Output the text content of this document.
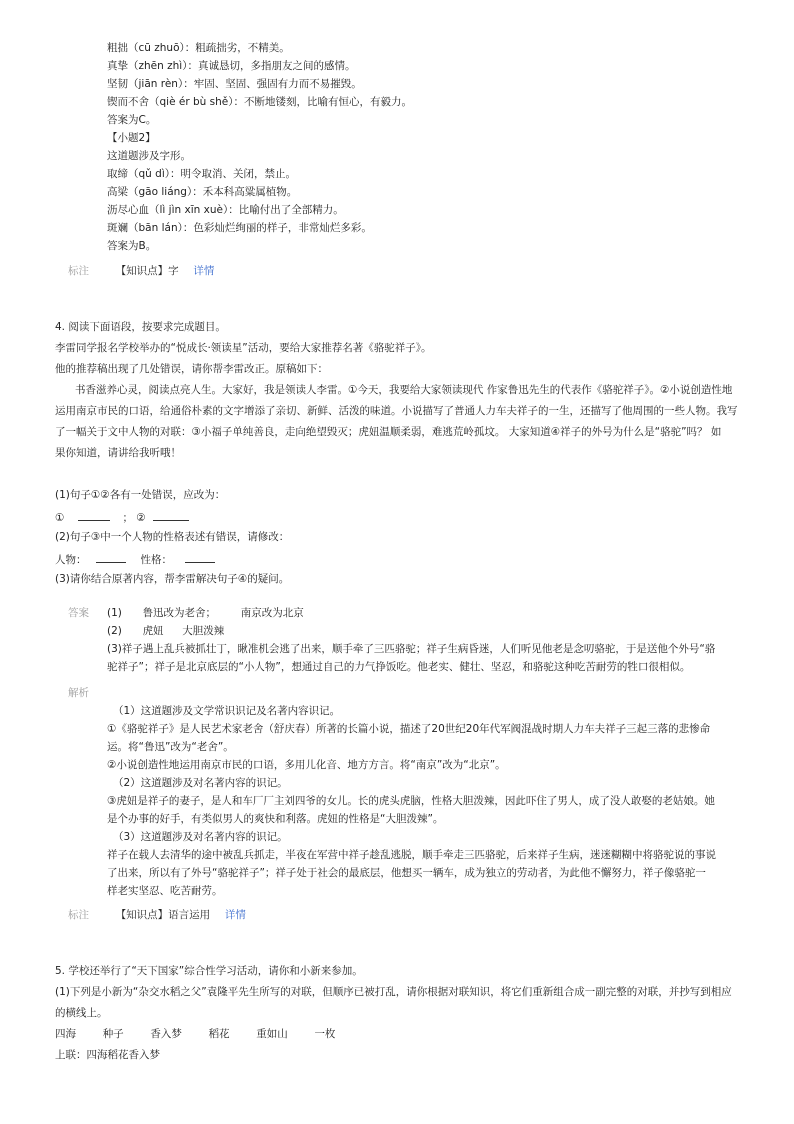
粗拙（cū zhuō）：粗疏拙劣，不精美。
真挚（zhēn zhì）：真诚恳切，多指朋友之间的感情。
坚韧（jiān rèn）：牢固、坚固、强固有力而不易摧毁。
锲而不舍（qiè ér bù shě）：不断地镂刻，比喻有恒心，有毅力。
答案为C。
【小题2】
这道题涉及字形。
取缔（qǔ dì）：明令取消、关闭，禁止。
高梁（gāo liáng）：禾本科高粱属植物。
沥尽心血（lì jìn xīn xuè）：比喻付出了全部精力。
斑斓（bān lán）：色彩灿烂绚丽的样子，非常灿烂多彩。
答案为B。
标注	【知识点】字 详情
4. 阅读下面语段，按要求完成题目。
李雷同学报名学校举办的“悦成长·领读星”活动，要给大家推荐名著《骆驼祥子》。
他的推荐稿出现了几处错误，请你帮李雷改正。原稿如下：
书香滋养心灵，阅读点亮人生。大家好，我是领读人李雷。①今天，我要给大家领读现代 作家鲁迅先生的代表作《骆驼祥子》。②小说创造性地
运用南京市民的口语，给通俗朴素的文字增添了亲切、新鲜、活泼的味道。小说描写了普通人力车夫祥子的一生，还描写了他周围的一些人物。我写
了一幅关于文中人物的对联：③小福子单纯善良，走向绝望毁灭；虎妞温顺柔弱，难逃荒岭孤坟。 大家知道④祥子的外号为什么是“骆驼”吗？ 如
果你知道，请讲给我听哦！
(1)句子①②各有一处错误，应改为：
①	； ②
(2)句子③中一个人物的性格表述有错误，请修改：
人物：	性格：
(3)请你结合原著内容，帮李雷解决句子④的疑问。
答案 (1) 鲁迅改为老舍； 南京改为北京
(2) 虎妞 大胆泼辣
(3)祥子遇上乱兵被抓壮丁，瞅准机会逃了出来，顺手牵了三匹骆驼；祥子生病昏迷，人们听见他老是念叨骆驼，于是送他个外号“骆
驼祥子”；祥子是北京底层的“小人物”，想通过自己的力气挣饭吃。他老实、健壮、坚忍，和骆驼这种吃苦耐劳的牲口很相似。
解析
（1）这道题涉及文学常识识记及名著内容识记。
①《骆驼祥子》是人民艺术家老舍（舒庆春）所著的长篇小说，描述了20世纪20年代军阀混战时期人力车夫祥子三起三落的悲惨命
运。将“鲁迅”改为“老舍”。
②小说创造性地运用南京市民的口语，多用儿化音、地方方言。将“南京”改为“北京”。
（2）这道题涉及对名著内容的识记。
③虎妞是祥子的妻子，是人和车厂厂主刘四爷的女儿。长的虎头虎脑，性格大胆泼辣，因此吓住了男人，成了没人敢娶的老姑娘。她
是个办事的好手，有类似男人的爽快和利落。虎妞的性格是“大胆泼辣”。
（3）这道题涉及对名著内容的识记。
祥子在载人去清华的途中被乱兵抓走，半夜在军营中祥子趁乱逃脱，顺手牵走三匹骆驼，后来祥子生病，迷迷糊糊中将骆驼说的事说
了出来，所以有了外号“骆驼祥子”；祥子处于社会的最底层，他想买一辆车，成为独立的劳动者，为此他不懈努力，祥子像骆驼一
样老实坚忍、吃苦耐劳。
标注	【知识点】语言运用 详情
5. 学校还举行了“天下国家”综合性学习活动，请你和小新来参加。
(1)下列是小新为“杂交水稻之父”袁隆平先生所写的对联，但顺序已被打乱，请你根据对联知识，将它们重新组合成一副完整的对联，并抄写到相应
的横线上。
四海	种子	香入梦	稻花	重如山	一枚
上联：四海稻花香入梦
